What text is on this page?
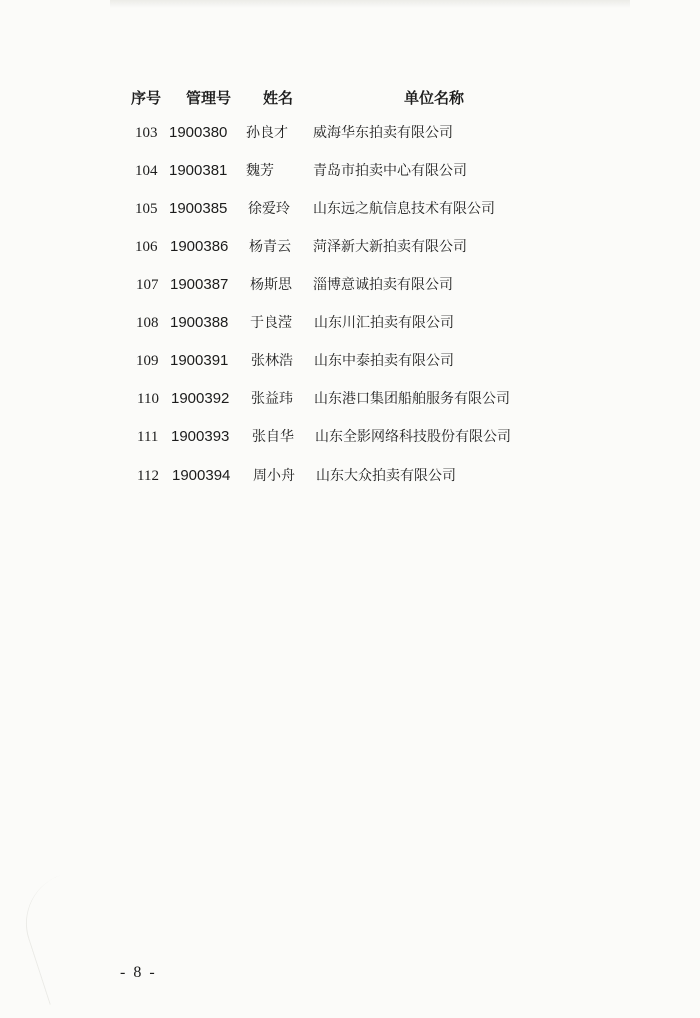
序号 管理号 姓名	单位名称
103 1900380 孙良才 威海华东拍卖有限公司
104 1900381 魏芳	青岛市拍卖中心有限公司
105 1900385 徐爱玲 山东远之航信息技术有限公司
106 1900386 杨青云 菏泽新大新拍卖有限公司
107 1900387 杨斯思 淄博意诚拍卖有限公司
108 1900388 于良滢 山东川汇拍卖有限公司
109 1900391 张林浩 山东中泰拍卖有限公司
110 1900392 张益玮 山东港口集团船舶服务有限公司
111 1900393 张自华 山东全影网络科技股份有限公司
112 1900394 周小舟 山东大众拍卖有限公司
- 8 -
